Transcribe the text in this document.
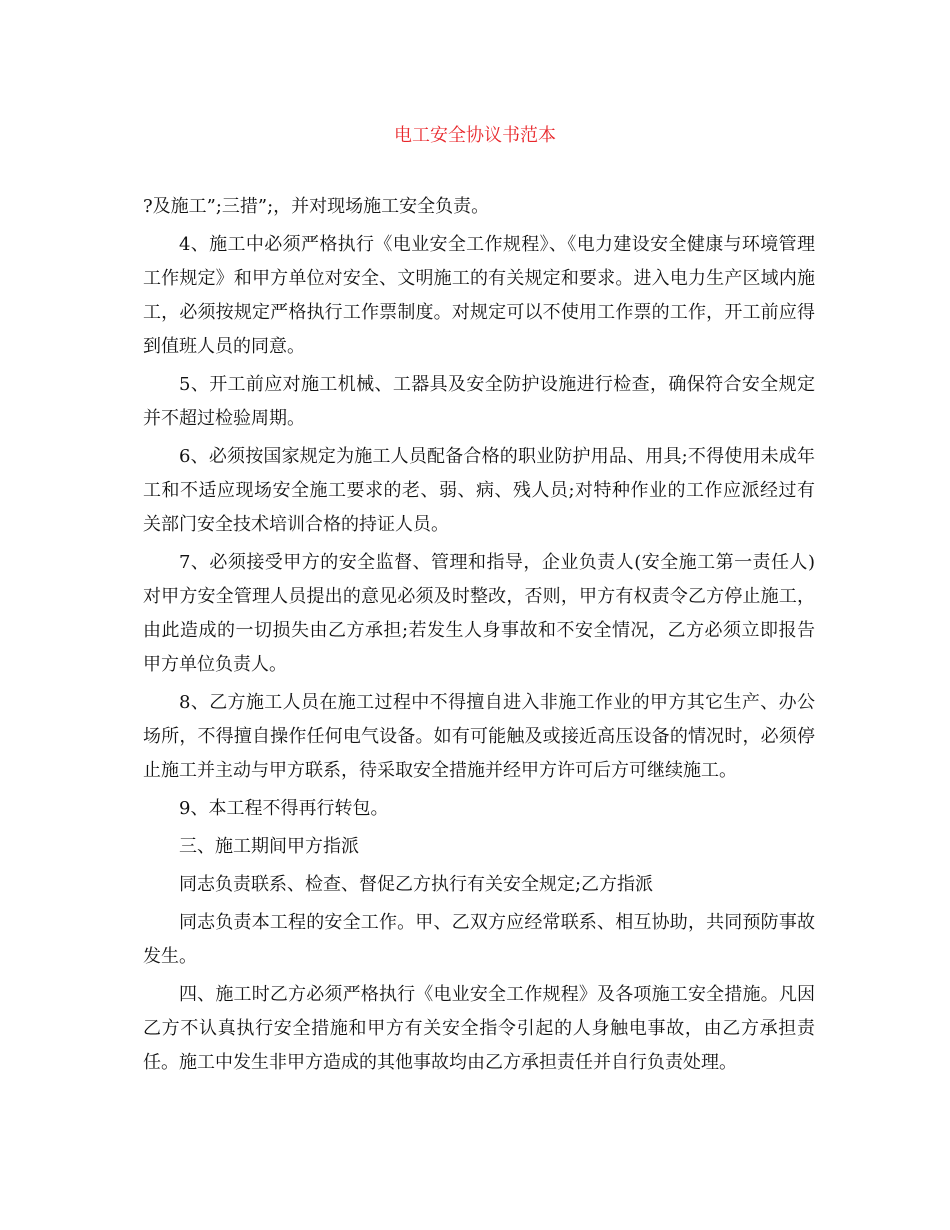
电工安全协议书范本

?及施工”;三措”;，并对现场施工安全负责。

4、施工中必须严格执行《电业安全工作规程》、《电力建设安全健康与环境管理工作规定》和甲方单位对安全、文明施工的有关规定和要求。进入电力生产区域内施工，必须按规定严格执行工作票制度。对规定可以不使用工作票的工作，开工前应得到值班人员的同意。

5、开工前应对施工机械、工器具及安全防护设施进行检查，确保符合安全规定并不超过检验周期。

6、必须按国家规定为施工人员配备合格的职业防护用品、用具;不得使用未成年工和不适应现场安全施工要求的老、弱、病、残人员;对特种作业的工作应派经过有关部门安全技术培训合格的持证人员。

7、必须接受甲方的安全监督、管理和指导，企业负责人(安全施工第一责任人)对甲方安全管理人员提出的意见必须及时整改，否则，甲方有权责令乙方停止施工，由此造成的一切损失由乙方承担;若发生人身事故和不安全情况，乙方必须立即报告甲方单位负责人。

8、乙方施工人员在施工过程中不得擅自进入非施工作业的甲方其它生产、办公场所，不得擅自操作任何电气设备。如有可能触及或接近高压设备的情况时，必须停止施工并主动与甲方联系，待采取安全措施并经甲方许可后方可继续施工。

9、本工程不得再行转包。

三、施工期间甲方指派

同志负责联系、检查、督促乙方执行有关安全规定;乙方指派

同志负责本工程的安全工作。甲、乙双方应经常联系、相互协助，共同预防事故发生。

四、施工时乙方必须严格执行《电业安全工作规程》及各项施工安全措施。凡因乙方不认真执行安全措施和甲方有关安全指令引起的人身触电事故，由乙方承担责任。施工中发生非甲方造成的其他事故均由乙方承担责任并自行负责处理。
